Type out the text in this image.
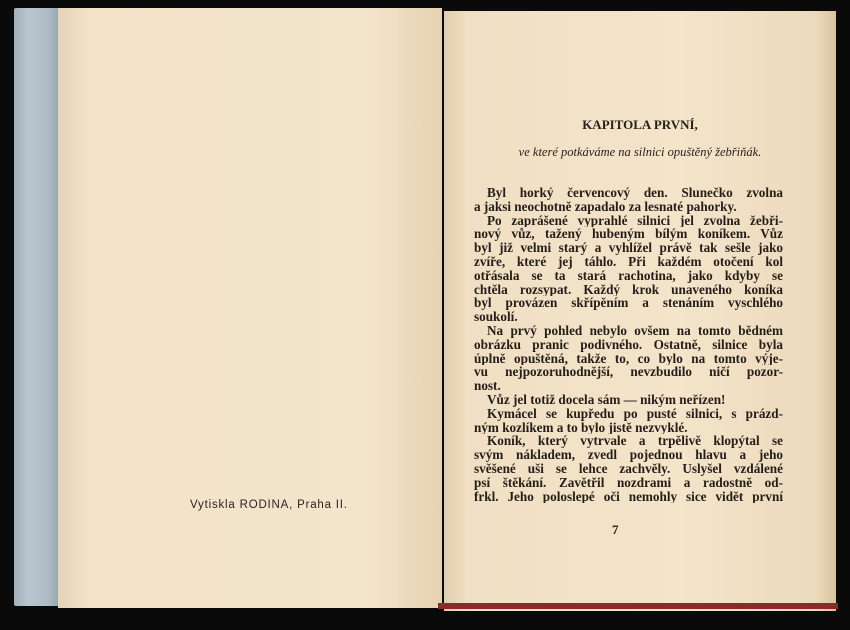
Vytiskla RODINA, Praha II.
KAPITOLA PRVNÍ,
ve které potkáváme na silnici opuštěný žebřiňák.
Byl horký červencový den. Slunečko zvolna
a jaksi neochotně zapadalo za lesnaté pahorky.
Po zaprášené vyprahlé silnici jel zvolna žebři-
nový vůz, tažený hubeným bílým koníkem. Vůz
byl již velmi starý a vyhlížel právě tak sešle jako
zvíře, které jej táhlo. Při každém otočení kol
otřásala se ta stará rachotina, jako kdyby se
chtěla rozsypat. Každý krok unaveného koníka
byl provázen skřípěním a stenáním vyschlého
soukolí.
Na prvý pohled nebylo ovšem na tomto bědném
obrázku pranic podivného. Ostatně, silnice byla
úplně opuštěná, takže to, co bylo na tomto výje-
vu nejpozoruhodnější, nevzbudilo ničí pozor-
nost.
Vůz jel totiž docela sám — nikým neřízen!
Kymácel se kupředu po pusté silnici, s prázd-
ným kozlíkem a to bylo jistě nezvyklé.
Koník, který vytrvale a trpělivě klopýtal se
svým nákladem, zvedl pojednou hlavu a jeho
svěšené uši se lehce zachvěly. Uslyšel vzdálené
psí štěkání. Zavětřil nozdrami a radostně od-
frkl. Jeho poloslepé oči nemohly sice vidět první
7
